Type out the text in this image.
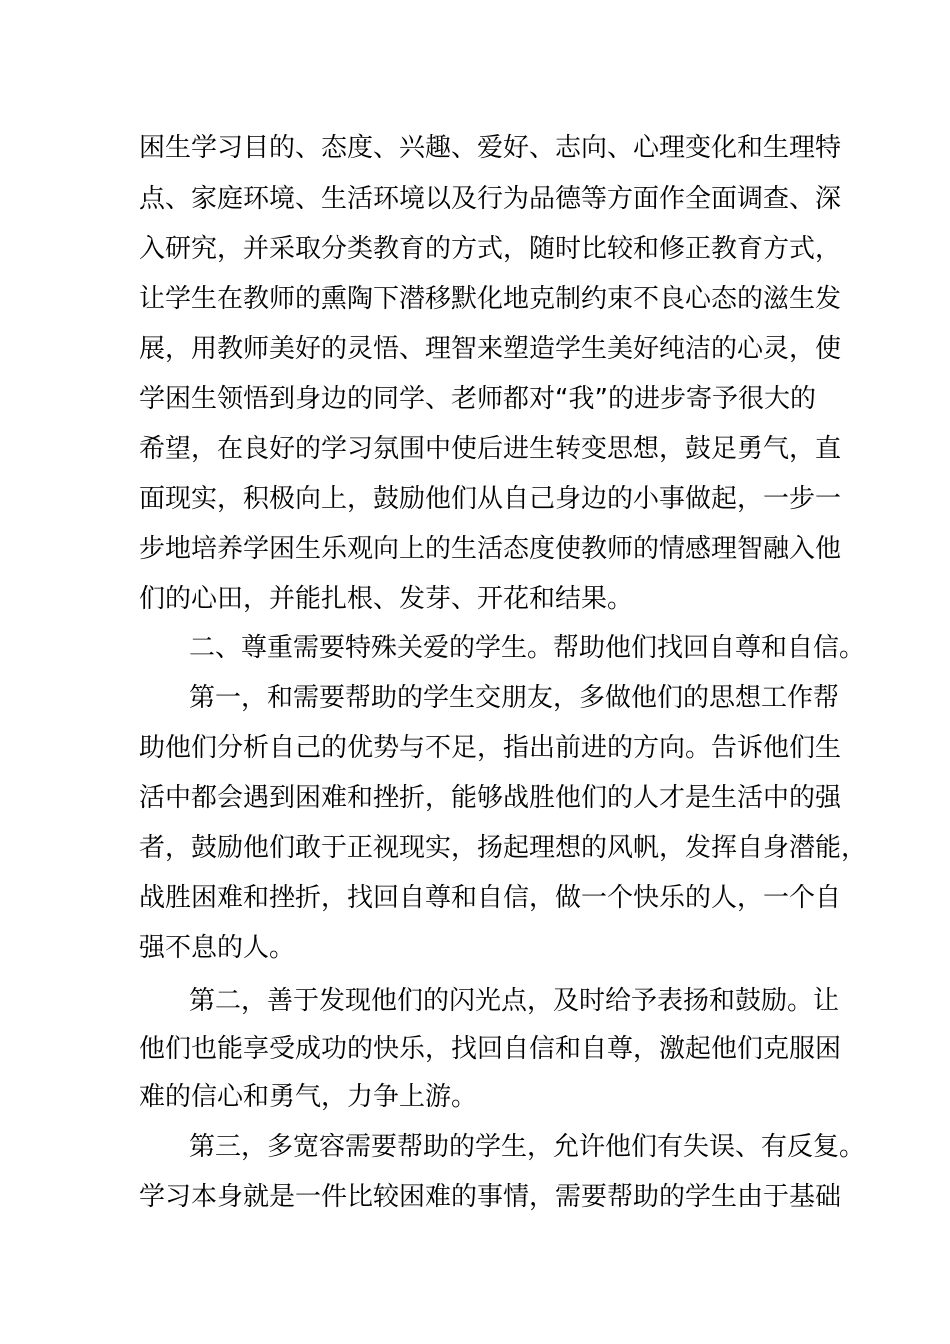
困生学习目的、态度、兴趣、爱好、志向、心理变化和生理特

点、家庭环境、生活环境以及行为品德等方面作全面调查、深

入研究，并采取分类教育的方式，随时比较和修正教育方式，

让学生在教师的熏陶下潜移默化地克制约束不良心态的滋生发

展，用教师美好的灵悟、理智来塑造学生美好纯洁的心灵，使

学困生领悟到身边的同学、老师都对“我”的进步寄予很大的

希望，在良好的学习氛围中使后进生转变思想，鼓足勇气，直

面现实，积极向上，鼓励他们从自己身边的小事做起，一步一

步地培养学困生乐观向上的生活态度使教师的情感理智融入他

们的心田，并能扎根、发芽、开花和结果。

二、尊重需要特殊关爱的学生。帮助他们找回自尊和自信。

第一，和需要帮助的学生交朋友，多做他们的思想工作帮

助他们分析自己的优势与不足，指出前进的方向。告诉他们生

活中都会遇到困难和挫折，能够战胜他们的人才是生活中的强

者，鼓励他们敢于正视现实，扬起理想的风帆，发挥自身潜能，

战胜困难和挫折，找回自尊和自信，做一个快乐的人，一个自

强不息的人。

第二，善于发现他们的闪光点，及时给予表扬和鼓励。让

他们也能享受成功的快乐，找回自信和自尊，激起他们克服困

难的信心和勇气，力争上游。

第三，多宽容需要帮助的学生，允许他们有失误、有反复。

学习本身就是一件比较困难的事情，需要帮助的学生由于基础
